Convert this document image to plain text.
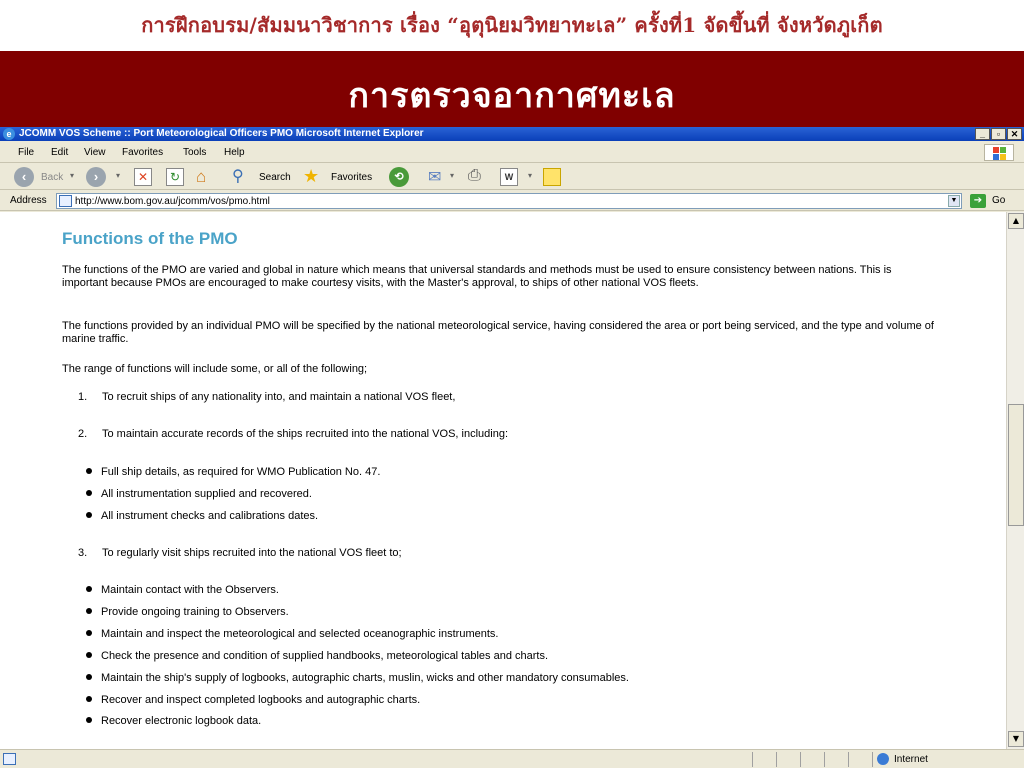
การฝึกอบรม/สัมมนาวิชาการ เรื่อง “อุตุนิยมวิทยาทะเล” ครั้งที่1 จัดขึ้นที่ จังหวัดภูเก็ต
การตรวจอากาศทะเล
e JCOMM VOS Scheme :: Port Meteorological Officers PMO Microsoft Internet Explorer	_	▫	✕
File Edit View Favorites Tools Help
‹	Back ▾	›	▾	✕	↻ ⌂ ⚲ Search ★ Favorites	⟲	✉ ▾ ⎙	W	▾
Address
http://www.bom.gov.au/jcomm/vos/pmo.html	▼	➔ Go
Functions of the PMO
The functions of the PMO are varied and global in nature which means that universal standards and methods must be used to ensure consistency between nations. This is important because PMOs are encouraged to make courtesy visits, with the Master's approval, to ships of other national VOS fleets.
The functions provided by an individual PMO will be specified by the national meteorological service, having considered the area or port being serviced, and the type and volume of marine traffic.
The range of functions will include some, or all of the following;
1. To recruit ships of any nationality into, and maintain a national VOS fleet,
2. To maintain accurate records of the ships recruited into the national VOS, including:
Full ship details, as required for WMO Publication No. 47.
All instrumentation supplied and recovered.
All instrument checks and calibrations dates.
3. To regularly visit ships recruited into the national VOS fleet to;
Maintain contact with the Observers.
Provide ongoing training to Observers.
Maintain and inspect the meteorological and selected oceanographic instruments.
Check the presence and condition of supplied handbooks, meteorological tables and charts.
Maintain the ship's supply of logbooks, autographic charts, muslin, wicks and other mandatory consumables.
Recover and inspect completed logbooks and autographic charts.
Recover electronic logbook data.
▲
▼
Internet
